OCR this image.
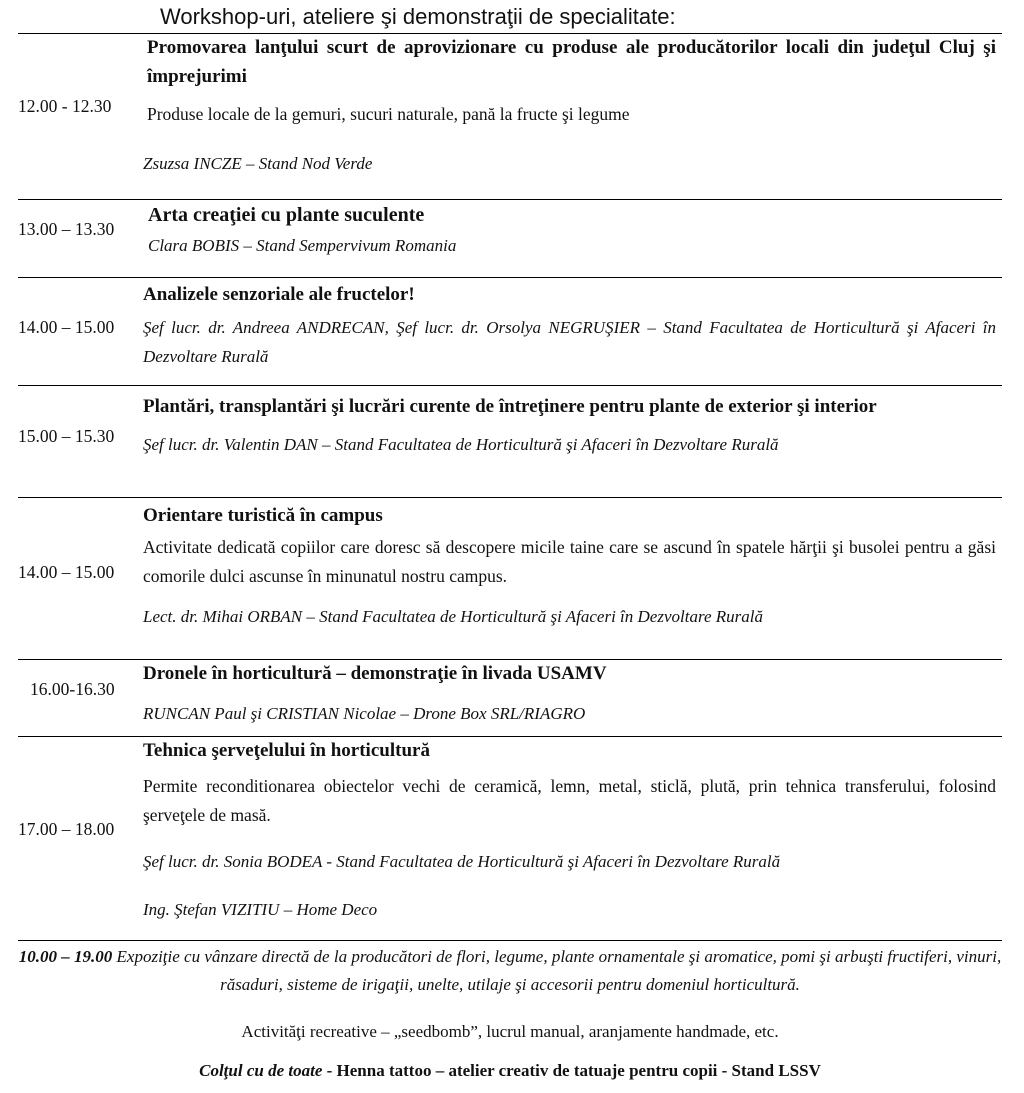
Workshop-uri, ateliere şi demonstraţii de specialitate:
12.00 - 12.30

Promovarea lanţului scurt de aprovizionare cu produse ale producătorilor locali din judeţul Cluj şi împrejurimi

Produse locale de la gemuri, sucuri naturale, pană la fructe şi legume

Zsuzsa INCZE – Stand Nod Verde

13.00 – 13.30

Arta creaţiei cu plante suculente

Clara BOBIS – Stand Sempervivum Romania

14.00 – 15.00

Analizele senzoriale ale fructelor!

Şef lucr. dr. Andreea ANDRECAN, Şef lucr. dr. Orsolya NEGRUŞIER – Stand Facultatea de Horticultură şi Afaceri în Dezvoltare Rurală

15.00 – 15.30

Plantări, transplantări şi lucrări curente de întreţinere pentru plante de exterior şi interior

Şef lucr. dr. Valentin DAN – Stand Facultatea de Horticultură şi Afaceri în Dezvoltare Rurală

14.00 – 15.00

Orientare turistică în campus

Activitate dedicată copiilor care doresc să descopere micile taine care se ascund în spatele hărţii şi busolei pentru a găsi comorile dulci ascunse în minunatul nostru campus.

Lect. dr. Mihai ORBAN – Stand Facultatea de Horticultură şi Afaceri în Dezvoltare Rurală

16.00-16.30

Dronele în horticultură – demonstraţie în livada USAMV

RUNCAN Paul şi CRISTIAN Nicolae – Drone Box SRL/RIAGRO

17.00 – 18.00

Tehnica şerveţelului în horticultură

Permite reconditionarea obiectelor vechi de ceramică, lemn, metal, sticlă, plută, prin tehnica transferului, folosind şerveţele de masă.

Şef lucr. dr. Sonia BODEA - Stand Facultatea de Horticultură şi Afaceri în Dezvoltare Rurală

Ing. Ştefan VIZITIU – Home Deco

10.00 – 19.00 Expoziţie cu vânzare directă de la producători de flori, legume, plante ornamentale şi aromatice, pomi şi arbuşti fructiferi, vinuri, răsaduri, sisteme de irigaţii, unelte, utilaje şi accesorii pentru domeniul horticultură.
Activităţi recreative – „seedbomb”, lucrul manual, aranjamente handmade, etc.
Colţul cu de toate - Henna tattoo – atelier creativ de tatuaje pentru copii - Stand LSSV
